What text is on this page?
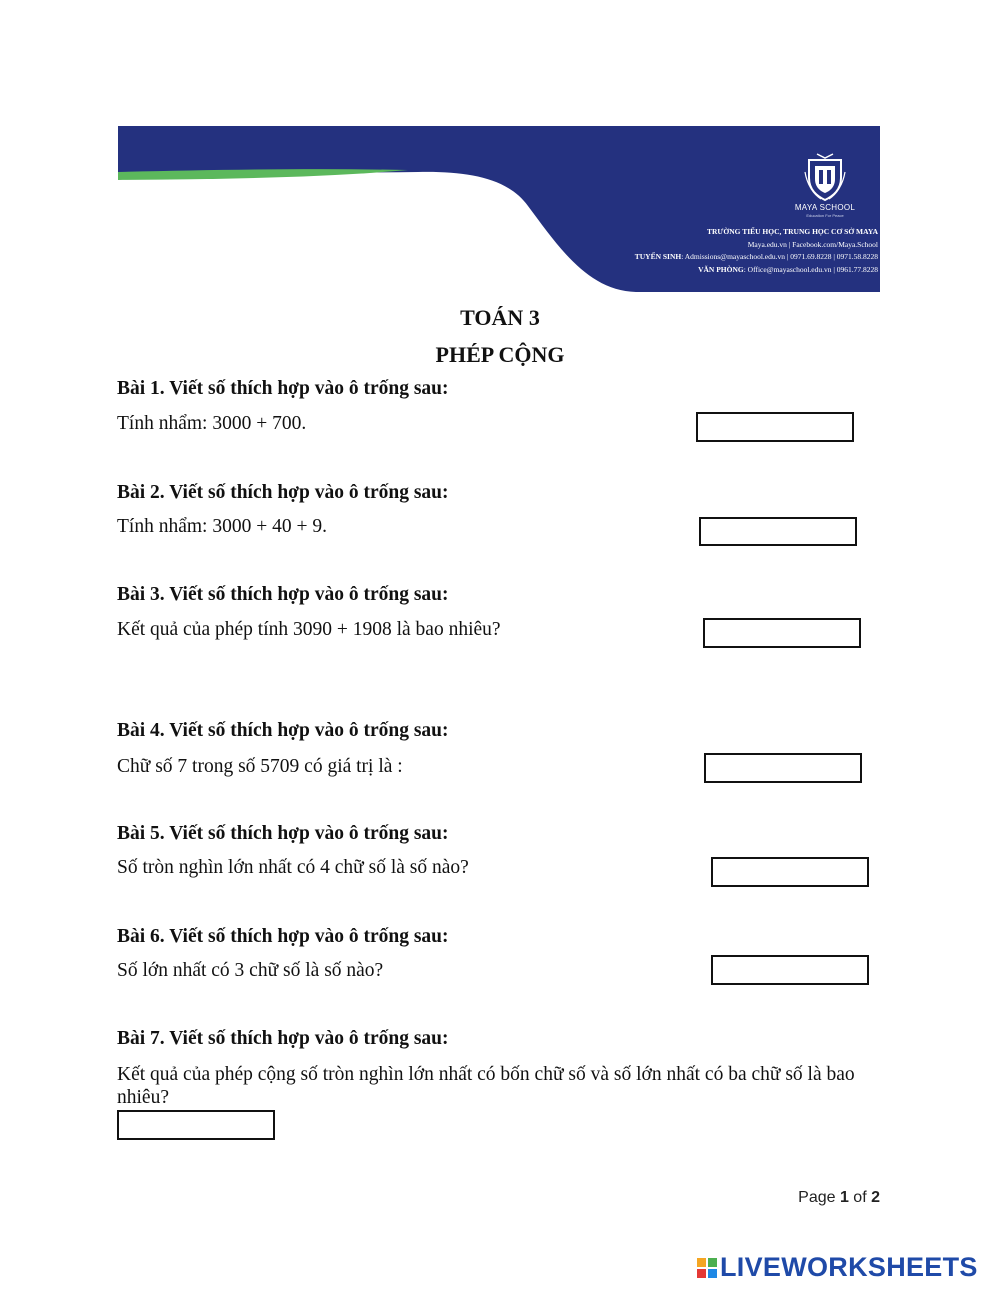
MAYA SCHOOL
Education For Peace
TRƯỜNG TIỂU HỌC, TRUNG HỌC CƠ SỞ MAYA
Maya.edu.vn | Facebook.com/Maya.School
TUYỂN SINH: Admissions@mayaschool.edu.vn | 0971.69.8228 | 0971.58.8228
VĂN PHÒNG: Office@mayaschool.edu.vn | 0961.77.8228
TOÁN 3
PHÉP CỘNG
Bài 1. Viết số thích hợp vào ô trống sau:
Tính nhẩm: 3000 + 700.
Bài 2. Viết số thích hợp vào ô trống sau:
Tính nhẩm: 3000 + 40 + 9.
Bài 3. Viết số thích hợp vào ô trống sau:
Kết quả của phép tính 3090 + 1908 là bao nhiêu?
Bài 4. Viết số thích hợp vào ô trống sau:
Chữ số 7 trong số 5709 có giá trị là :
Bài 5. Viết số thích hợp vào ô trống sau:
Số tròn nghìn lớn nhất có 4 chữ số là số nào?
Bài 6. Viết số thích hợp vào ô trống sau:
Số lớn nhất có 3 chữ số là số nào?
Bài 7. Viết số thích hợp vào ô trống sau:
Kết quả của phép cộng số tròn nghìn lớn nhất có bốn chữ số và số lớn nhất có ba chữ số là bao nhiêu?
Page 1 of 2
LIVEWORKSHEETS
